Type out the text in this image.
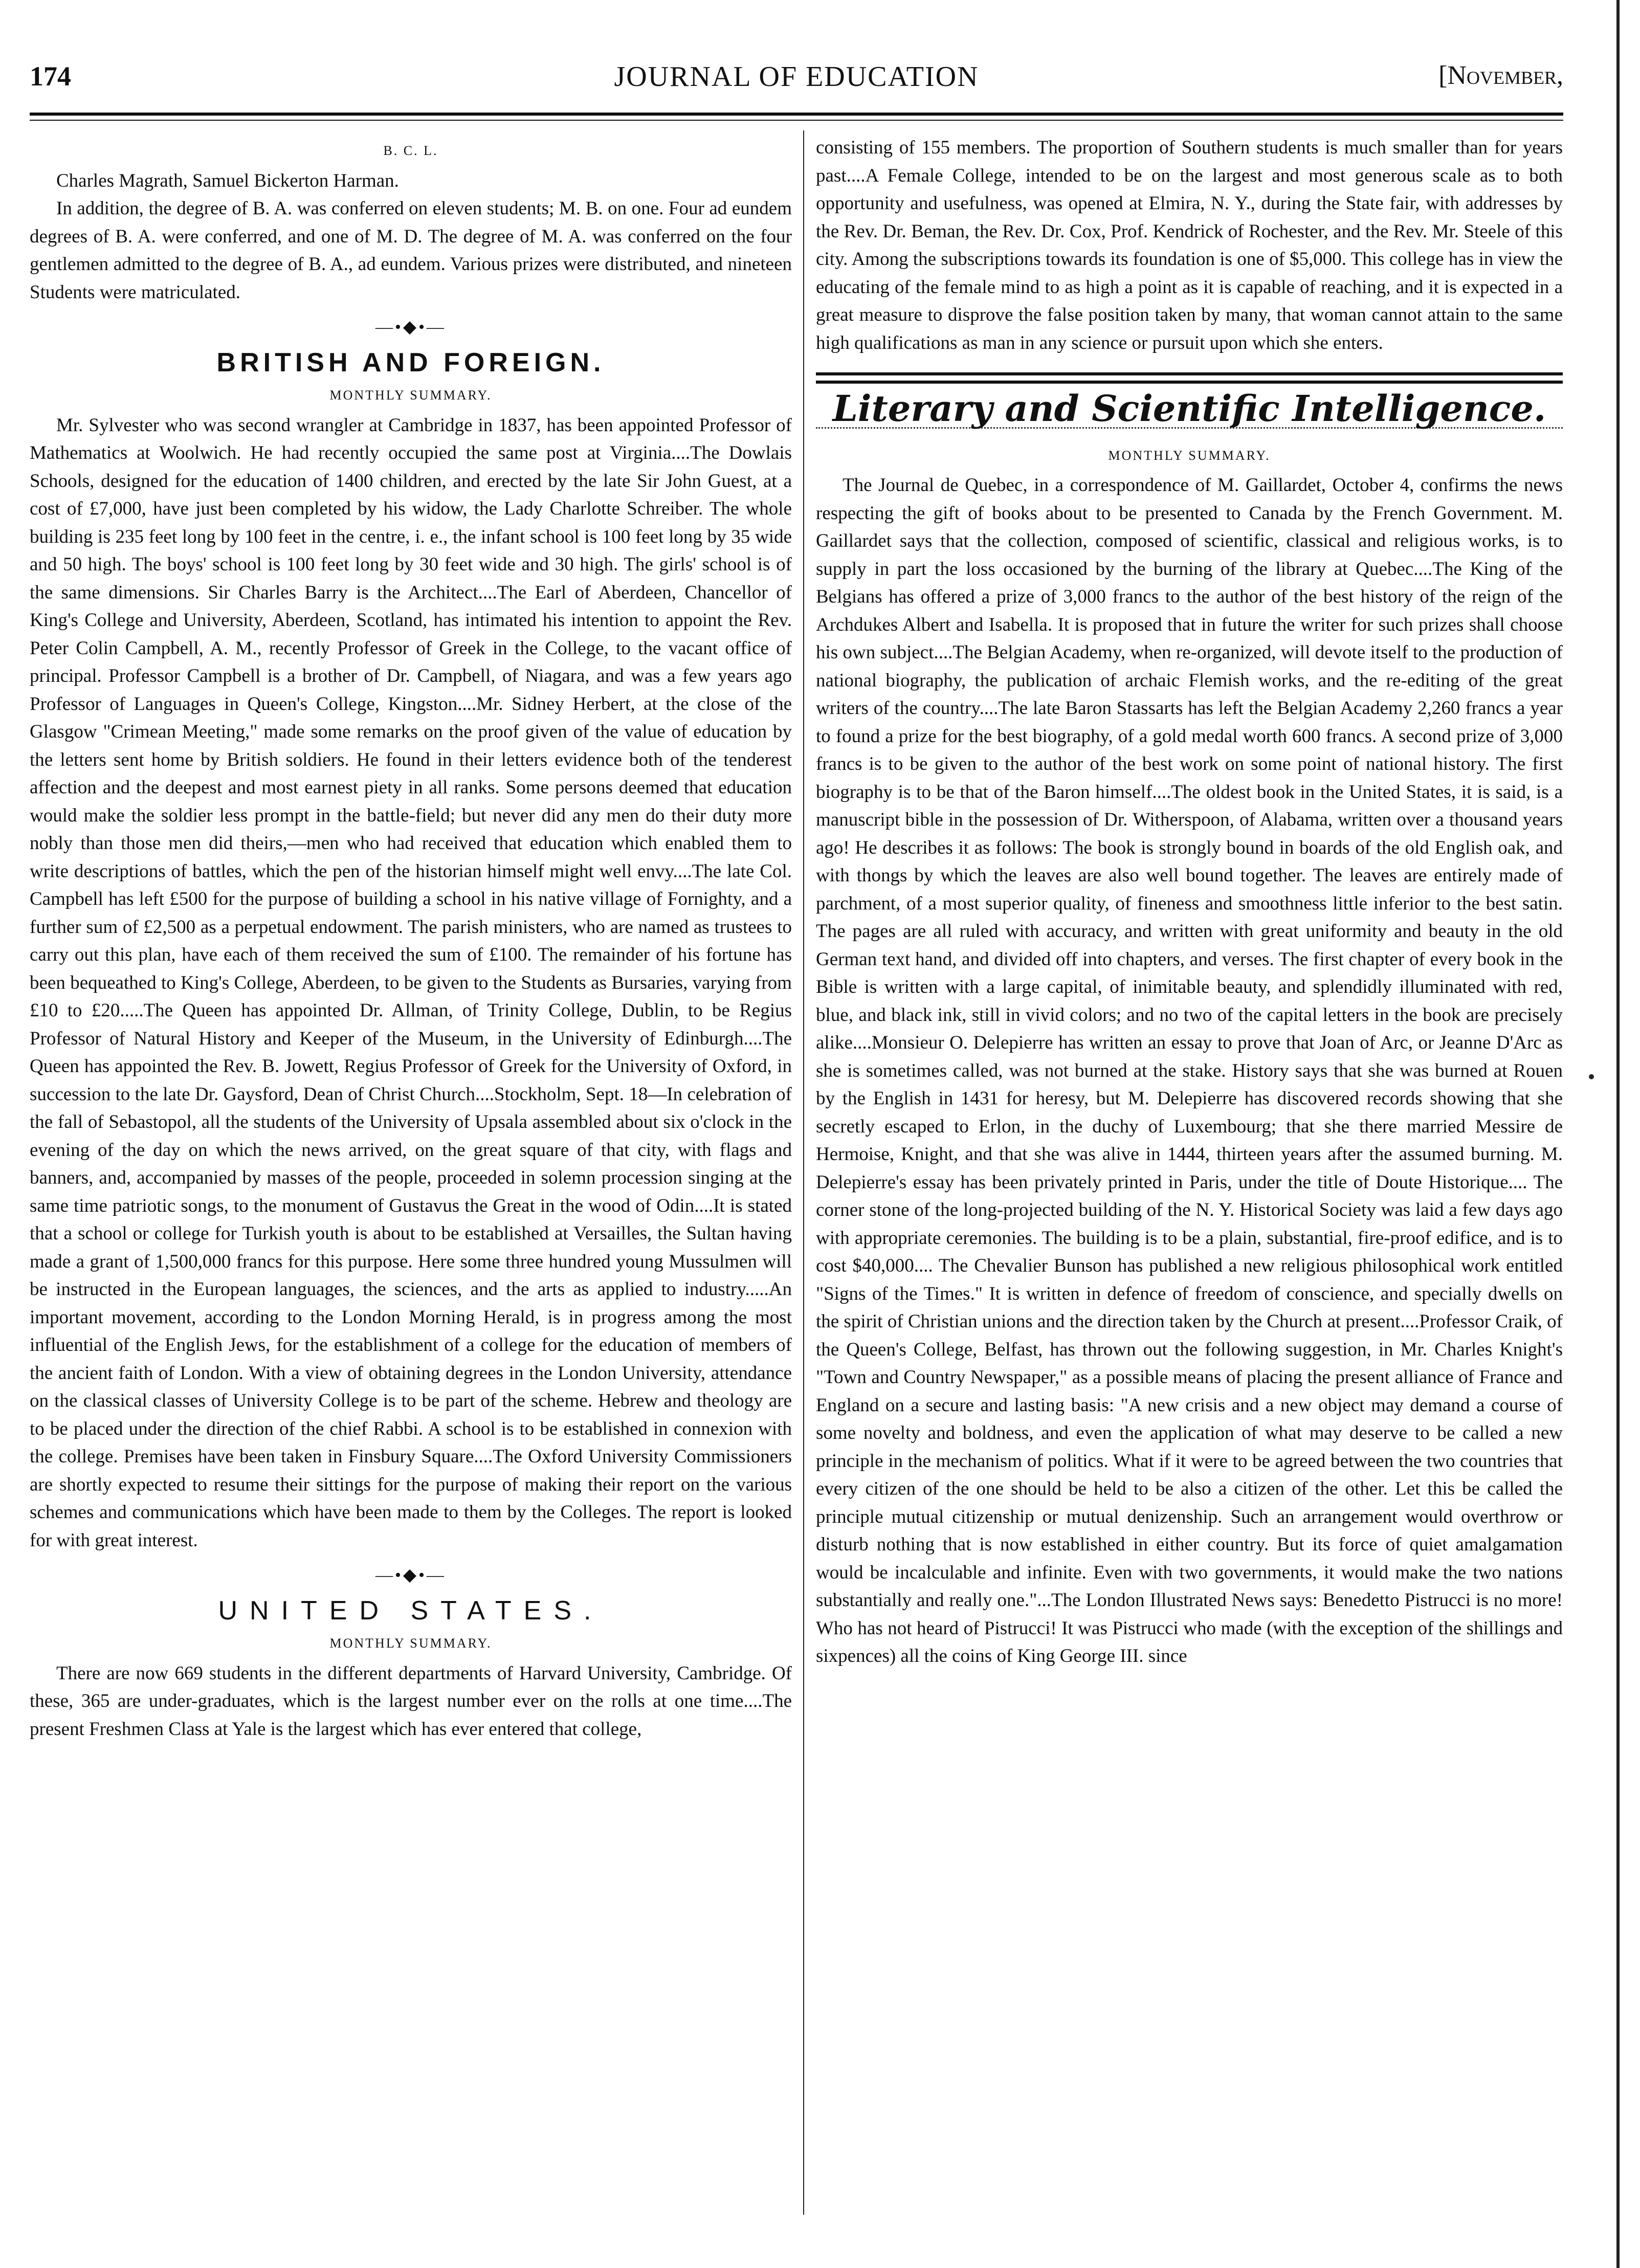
174	JOURNAL OF EDUCATION	[November,
B. C. L.

Charles Magrath, Samuel Bickerton Harman.

In addition, the degree of B. A. was conferred on eleven students; M. B. on one. Four ad eundem degrees of B. A. were conferred, and one of M. D. The degree of M. A. was conferred on the four gentlemen admitted to the degree of B. A., ad eundem. Various prizes were distributed, and nineteen Students were matriculated.

—•◆•—
BRITISH AND FOREIGN.
MONTHLY SUMMARY.

Mr. Sylvester who was second wrangler at Cambridge in 1837, has been appointed Professor of Mathematics at Woolwich. He had recently occupied the same post at Virginia....The Dowlais Schools, designed for the education of 1400 children, and erected by the late Sir John Guest, at a cost of £7,000, have just been completed by his widow, the Lady Charlotte Schreiber. The whole building is 235 feet long by 100 feet in the centre, i. e., the infant school is 100 feet long by 35 wide and 50 high. The boys' school is 100 feet long by 30 feet wide and 30 high. The girls' school is of the same dimensions. Sir Charles Barry is the Architect....The Earl of Aberdeen, Chancellor of King's College and University, Aberdeen, Scotland, has intimated his intention to appoint the Rev. Peter Colin Campbell, A. M., recently Professor of Greek in the College, to the vacant office of principal. Professor Campbell is a brother of Dr. Campbell, of Niagara, and was a few years ago Professor of Languages in Queen's College, Kingston....Mr. Sidney Herbert, at the close of the Glasgow "Crimean Meeting," made some remarks on the proof given of the value of education by the letters sent home by British soldiers. He found in their letters evidence both of the tenderest affection and the deepest and most earnest piety in all ranks. Some persons deemed that education would make the soldier less prompt in the battle-field; but never did any men do their duty more nobly than those men did theirs,—men who had received that education which enabled them to write descriptions of battles, which the pen of the historian himself might well envy....The late Col. Campbell has left £500 for the purpose of building a school in his native village of Fornighty, and a further sum of £2,500 as a perpetual endowment. The parish ministers, who are named as trustees to carry out this plan, have each of them received the sum of £100. The remainder of his fortune has been bequeathed to King's College, Aberdeen, to be given to the Students as Bursaries, varying from £10 to £20.....The Queen has appointed Dr. Allman, of Trinity College, Dublin, to be Regius Professor of Natural History and Keeper of the Museum, in the University of Edinburgh....The Queen has appointed the Rev. B. Jowett, Regius Professor of Greek for the University of Oxford, in succession to the late Dr. Gaysford, Dean of Christ Church....Stockholm, Sept. 18—In celebration of the fall of Sebastopol, all the students of the University of Upsala assembled about six o'clock in the evening of the day on which the news arrived, on the great square of that city, with flags and banners, and, accompanied by masses of the people, proceeded in solemn procession singing at the same time patriotic songs, to the monument of Gustavus the Great in the wood of Odin....It is stated that a school or college for Turkish youth is about to be established at Versailles, the Sultan having made a grant of 1,500,000 francs for this purpose. Here some three hundred young Mussulmen will be instructed in the European languages, the sciences, and the arts as applied to industry.....An important movement, according to the London Morning Herald, is in progress among the most influential of the English Jews, for the establishment of a college for the education of members of the ancient faith of London. With a view of obtaining degrees in the London University, attendance on the classical classes of University College is to be part of the scheme. Hebrew and theology are to be placed under the direction of the chief Rabbi. A school is to be established in connexion with the college. Premises have been taken in Finsbury Square....The Oxford University Commissioners are shortly expected to resume their sittings for the purpose of making their report on the various schemes and communications which have been made to them by the Colleges. The report is looked for with great interest.

—•◆•—
UNITED STATES.
MONTHLY SUMMARY.

There are now 669 students in the different departments of Harvard University, Cambridge. Of these, 365 are under-graduates, which is the largest number ever on the rolls at one time....The present Freshmen Class at Yale is the largest which has ever entered that college,

consisting of 155 members. The proportion of Southern students is much smaller than for years past....A Female College, intended to be on the largest and most generous scale as to both opportunity and usefulness, was opened at Elmira, N. Y., during the State fair, with addresses by the Rev. Dr. Beman, the Rev. Dr. Cox, Prof. Kendrick of Rochester, and the Rev. Mr. Steele of this city. Among the subscriptions towards its foundation is one of $5,000. This college has in view the educating of the female mind to as high a point as it is capable of reaching, and it is expected in a great measure to disprove the false position taken by many, that woman cannot attain to the same high qualifications as man in any science or pursuit upon which she enters.

Literary and Scientific Intelligence.
MONTHLY SUMMARY.

The Journal de Quebec, in a correspondence of M. Gaillardet, October 4, confirms the news respecting the gift of books about to be presented to Canada by the French Government. M. Gaillardet says that the collection, composed of scientific, classical and religious works, is to supply in part the loss occasioned by the burning of the library at Quebec....The King of the Belgians has offered a prize of 3,000 francs to the author of the best history of the reign of the Archdukes Albert and Isabella. It is proposed that in future the writer for such prizes shall choose his own subject....The Belgian Academy, when re-organized, will devote itself to the production of national biography, the publication of archaic Flemish works, and the re-editing of the great writers of the country....The late Baron Stassarts has left the Belgian Academy 2,260 francs a year to found a prize for the best biography, of a gold medal worth 600 francs. A second prize of 3,000 francs is to be given to the author of the best work on some point of national history. The first biography is to be that of the Baron himself....The oldest book in the United States, it is said, is a manuscript bible in the possession of Dr. Witherspoon, of Alabama, written over a thousand years ago! He describes it as follows: The book is strongly bound in boards of the old English oak, and with thongs by which the leaves are also well bound together. The leaves are entirely made of parchment, of a most superior quality, of fineness and smoothness little inferior to the best satin. The pages are all ruled with accuracy, and written with great uniformity and beauty in the old German text hand, and divided off into chapters, and verses. The first chapter of every book in the Bible is written with a large capital, of inimitable beauty, and splendidly illuminated with red, blue, and black ink, still in vivid colors; and no two of the capital letters in the book are precisely alike....Monsieur O. Delepierre has written an essay to prove that Joan of Arc, or Jeanne D'Arc as she is sometimes called, was not burned at the stake. History says that she was burned at Rouen by the English in 1431 for heresy, but M. Delepierre has discovered records showing that she secretly escaped to Erlon, in the duchy of Luxembourg; that she there married Messire de Hermoise, Knight, and that she was alive in 1444, thirteen years after the assumed burning. M. Delepierre's essay has been privately printed in Paris, under the title of Doute Historique.... The corner stone of the long-projected building of the N. Y. Historical Society was laid a few days ago with appropriate ceremonies. The building is to be a plain, substantial, fire-proof edifice, and is to cost $40,000.... The Chevalier Bunson has published a new religious philosophical work entitled "Signs of the Times." It is written in defence of freedom of conscience, and specially dwells on the spirit of Christian unions and the direction taken by the Church at present....Professor Craik, of the Queen's College, Belfast, has thrown out the following suggestion, in Mr. Charles Knight's "Town and Country Newspaper," as a possible means of placing the present alliance of France and England on a secure and lasting basis: "A new crisis and a new object may demand a course of some novelty and boldness, and even the application of what may deserve to be called a new principle in the mechanism of politics. What if it were to be agreed between the two countries that every citizen of the one should be held to be also a citizen of the other. Let this be called the principle mutual citizenship or mutual denizenship. Such an arrangement would overthrow or disturb nothing that is now established in either country. But its force of quiet amalgamation would be incalculable and infinite. Even with two governments, it would make the two nations substantially and really one."...The London Illustrated News says: Benedetto Pistrucci is no more! Who has not heard of Pistrucci! It was Pistrucci who made (with the exception of the shillings and sixpences) all the coins of King George III. since
